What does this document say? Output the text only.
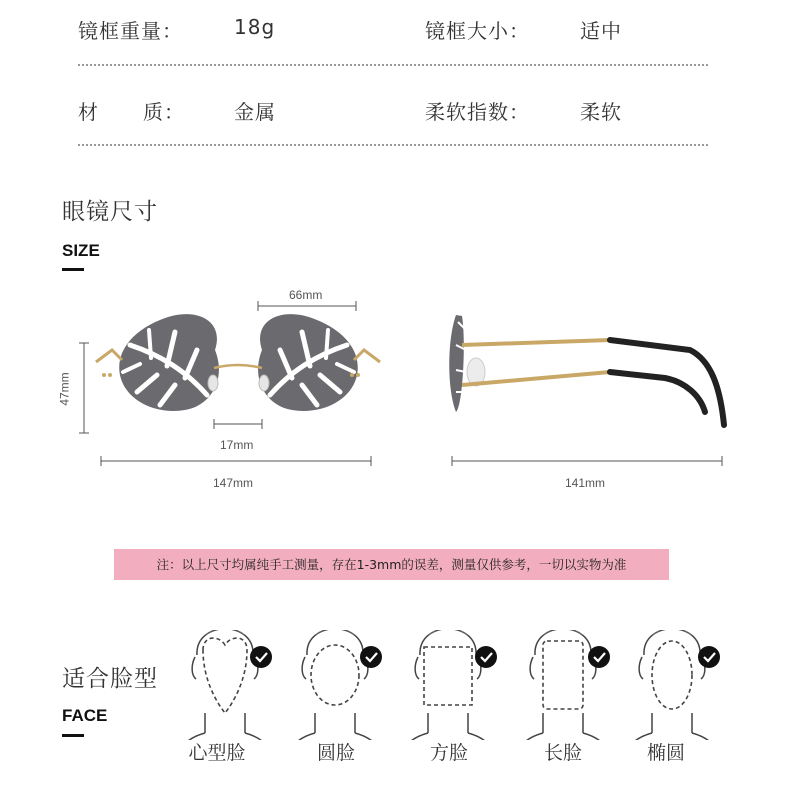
镜框重量：	18g	镜框大小：	适中
材 质： 金属	柔软指数：	柔软
眼镜尺寸
SIZE
66mm
47mm
17mm
147mm	141mm
注：以上尺寸均属纯手工测量，存在1-3mm的误差，测量仅供参考，一切以实物为准
适合脸型
FACE
心型脸	圆脸	方脸	长脸	椭圆
